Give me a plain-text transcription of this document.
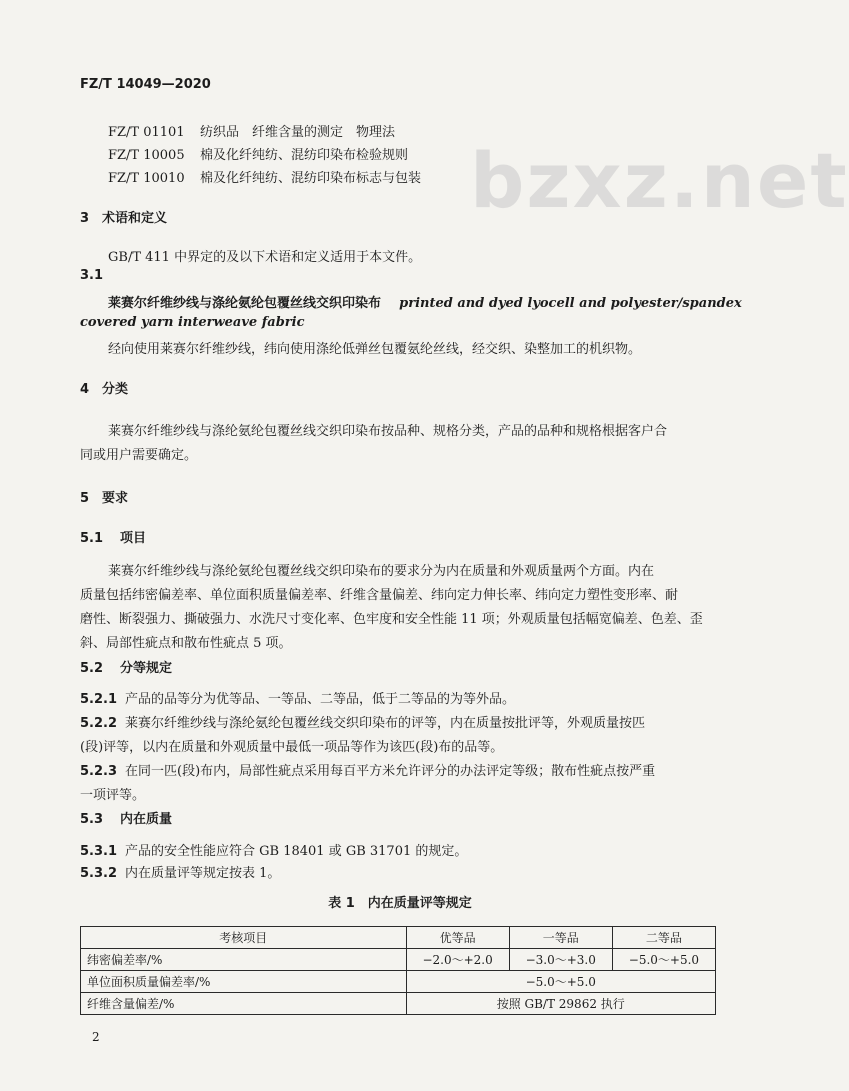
FZ/T 14049—2020
bzxz.net
FZ/T 01101 纺织品　纤维含量的测定　物理法
FZ/T 10005 棉及化纤纯纺、混纺印染布检验规则
FZ/T 10010 棉及化纤纯纺、混纺印染布标志与包装
3　术语和定义
GB/T 411 中界定的及以下术语和定义适用于本文件。
3.1
莱赛尔纤维纱线与涤纶氨纶包覆丝线交织印染布 printed and dyed lyocell and polyester/spandex
covered yarn interweave fabric
经向使用莱赛尔纤维纱线，纬向使用涤纶低弹丝包覆氨纶丝线，经交织、染整加工的机织物。
4　分类
莱赛尔纤维纱线与涤纶氨纶包覆丝线交织印染布按品种、规格分类，产品的品种和规格根据客户合
同或用户需要确定。
5　要求
5.1 项目
莱赛尔纤维纱线与涤纶氨纶包覆丝线交织印染布的要求分为内在质量和外观质量两个方面。内在
质量包括纬密偏差率、单位面积质量偏差率、纤维含量偏差、纬向定力伸长率、纬向定力塑性变形率、耐
磨性、断裂强力、撕破强力、水洗尺寸变化率、色牢度和安全性能 11 项；外观质量包括幅宽偏差、色差、歪
斜、局部性疵点和散布性疵点 5 项。
5.2 分等规定
5.2.1 产品的品等分为优等品、一等品、二等品，低于二等品的为等外品。
5.2.2 莱赛尔纤维纱线与涤纶氨纶包覆丝线交织印染布的评等，内在质量按批评等，外观质量按匹
(段)评等，以内在质量和外观质量中最低一项品等作为该匹(段)布的品等。
5.2.3 在同一匹(段)布内，局部性疵点采用每百平方米允许评分的办法评定等级；散布性疵点按严重
一项评等。
5.3 内在质量
5.3.1 产品的安全性能应符合 GB 18401 或 GB 31701 的规定。
5.3.2 内在质量评等规定按表 1。
表 1　内在质量评等规定
考核项目	优等品	一等品	二等品
纬密偏差率/%	−2.0～+2.0	−3.0～+3.0	−5.0～+5.0
单位面积质量偏差率/%	−5.0～+5.0		
纤维含量偏差/%	按照 GB/T 29862 执行		
2
